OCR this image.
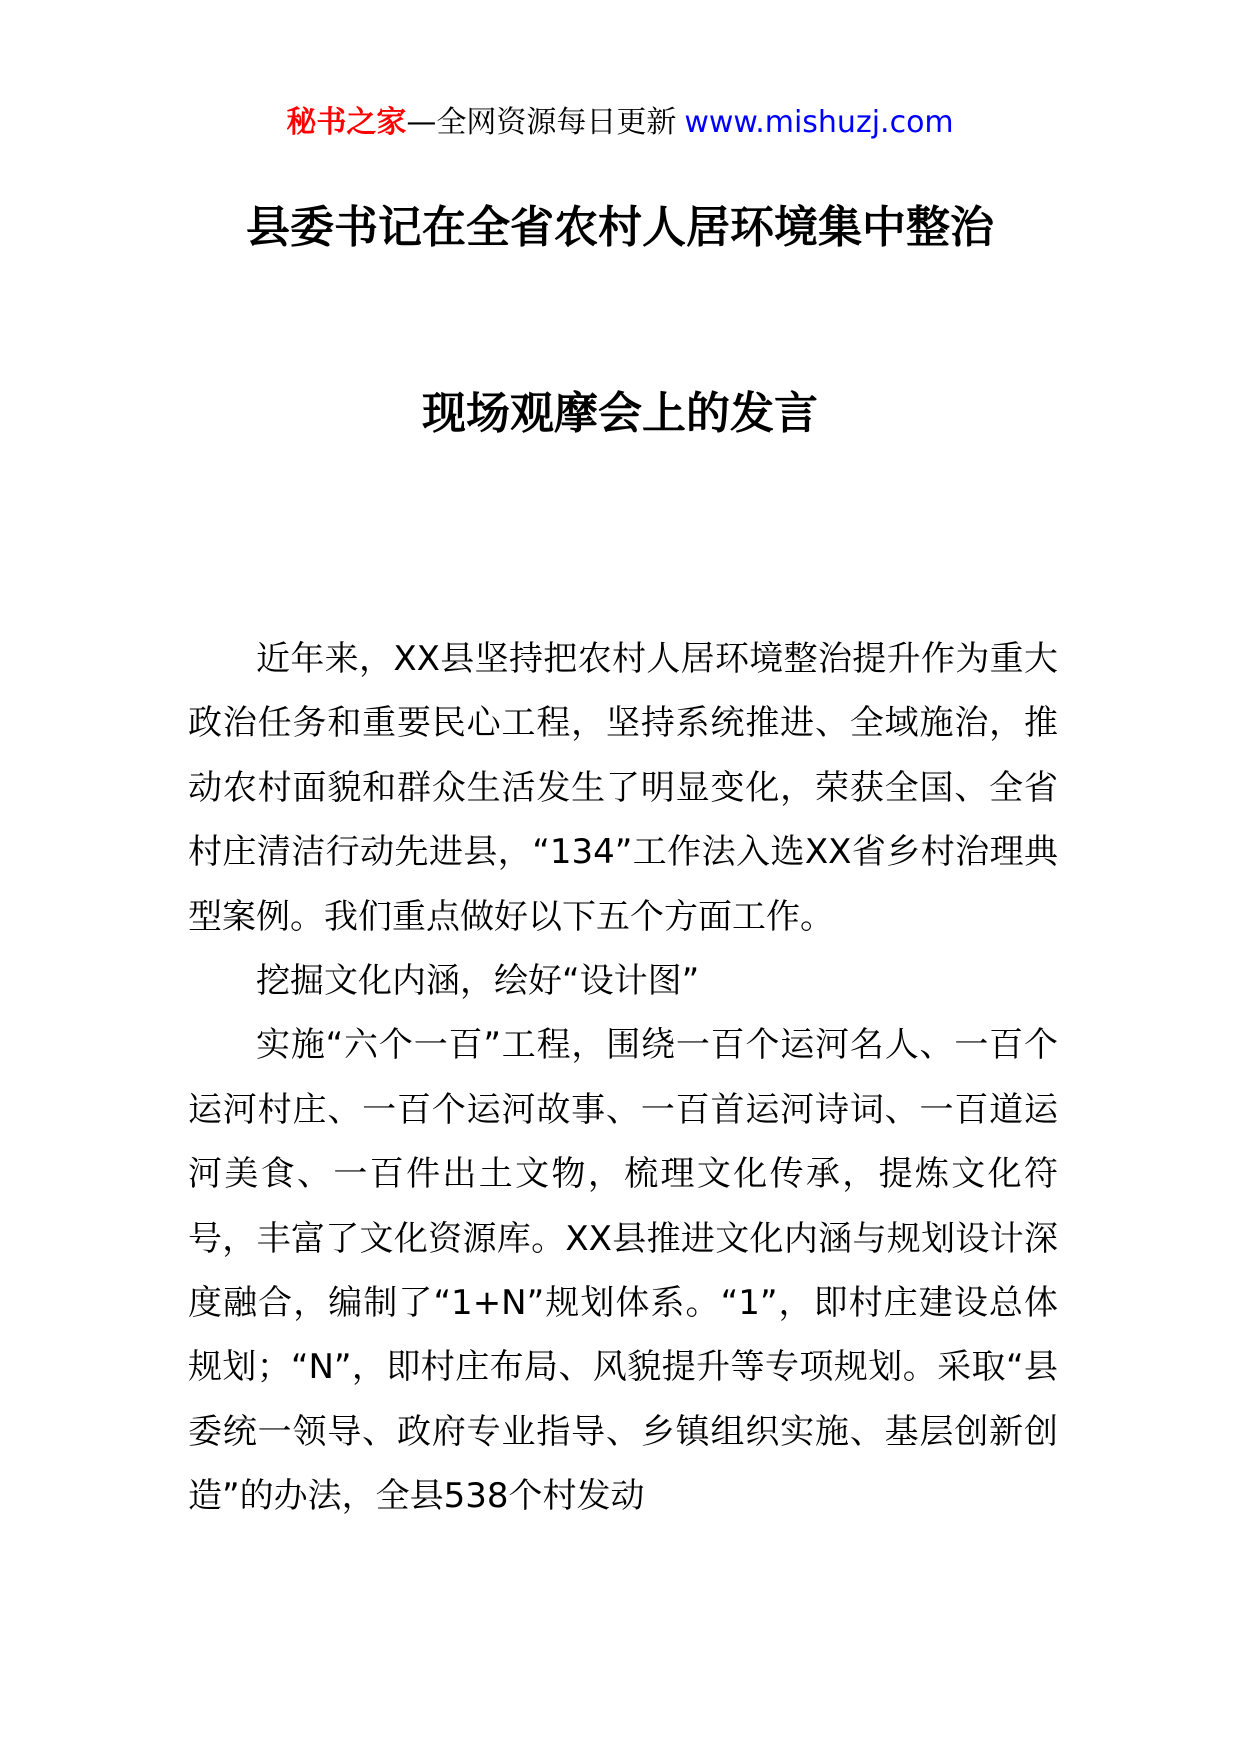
秘书之家—全网资源每日更新 www.mishuzj.com
县委书记在全省农村人居环境集中整治
现场观摩会上的发言

近年来，XX县坚持把农村人居环境整治提升作为重大政治任务和重要民心工程，坚持系统推进、全域施治，推动农村面貌和群众生活发生了明显变化，荣获全国、全省村庄清洁行动先进县，“134”工作法入选XX省乡村治理典型案例。我们重点做好以下五个方面工作。

挖掘文化内涵，绘好“设计图”

实施“六个一百”工程，围绕一百个运河名人、一百个运河村庄、一百个运河故事、一百首运河诗词、一百道运河美食、一百件出土文物，梳理文化传承，提炼文化符号，丰富了文化资源库。XX县推进文化内涵与规划设计深度融合，编制了“1+N”规划体系。“1”，即村庄建设总体规划；“N”，即村庄布局、风貌提升等专项规划。采取“县委统一领导、政府专业指导、乡镇组织实施、基层创新创造”的办法，全县538个村发动
